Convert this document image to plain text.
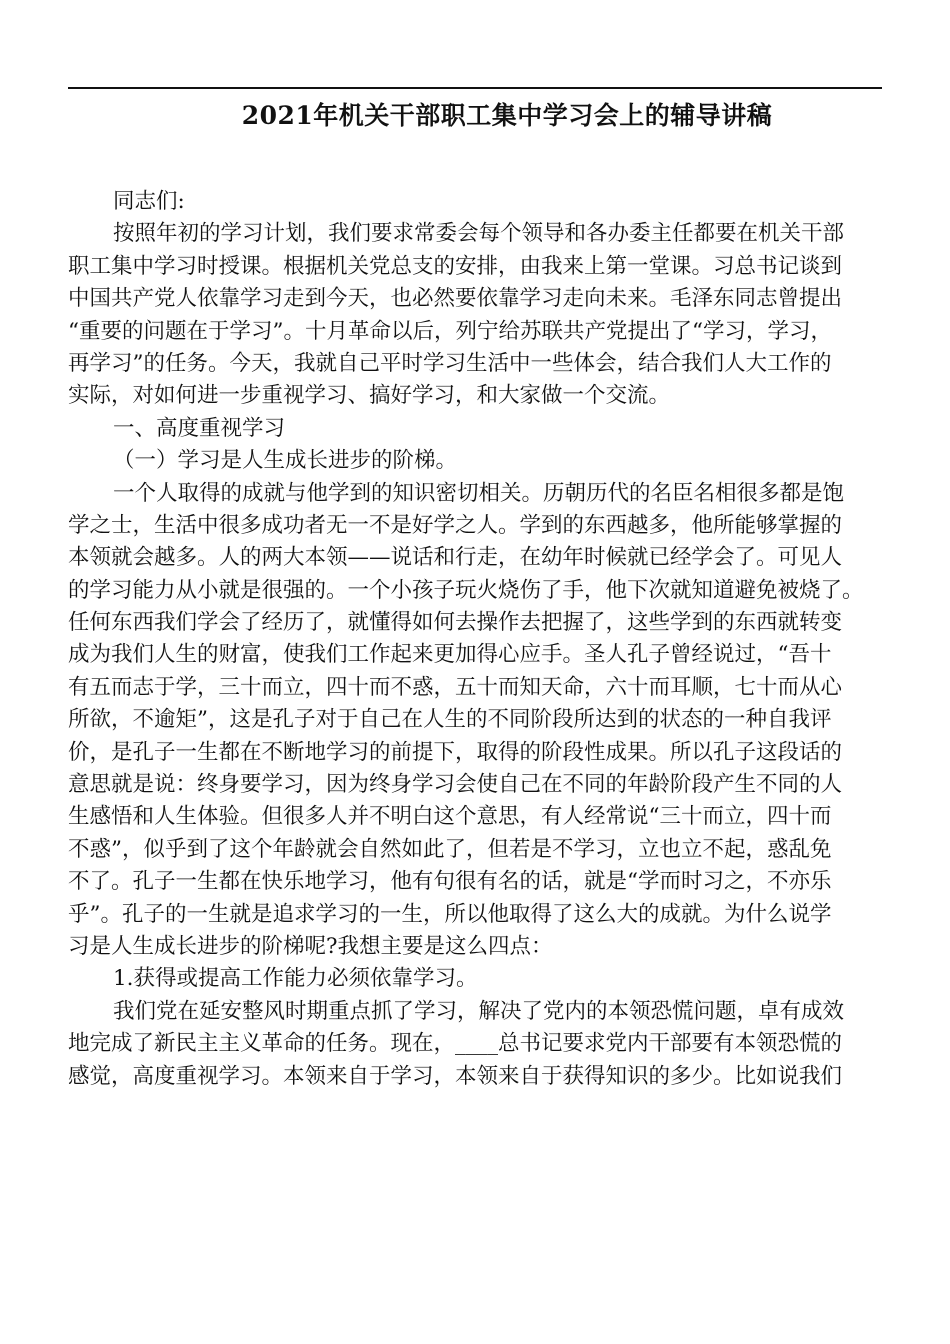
2021年机关干部职工集中学习会上的辅导讲稿
同志们:
按照年初的学习计划，我们要求常委会每个领导和各办委主任都要在机关干部
职工集中学习时授课。根据机关党总支的安排，由我来上第一堂课。习总书记谈到
中国共产党人依靠学习走到今天，也必然要依靠学习走向未来。毛泽东同志曾提出
“重要的问题在于学习”。十月革命以后，列宁给苏联共产党提出了“学习，学习，
再学习”的任务。今天，我就自己平时学习生活中一些体会，结合我们人大工作的
实际，对如何进一步重视学习、搞好学习，和大家做一个交流。
一、高度重视学习
（一）学习是人生成长进步的阶梯。
一个人取得的成就与他学到的知识密切相关。历朝历代的名臣名相很多都是饱
学之士，生活中很多成功者无一不是好学之人。学到的东西越多，他所能够掌握的
本领就会越多。人的两大本领——说话和行走，在幼年时候就已经学会了。可见人
的学习能力从小就是很强的。一个小孩子玩火烧伤了手，他下次就知道避免被烧了。
任何东西我们学会了经历了，就懂得如何去操作去把握了，这些学到的东西就转变
成为我们人生的财富，使我们工作起来更加得心应手。圣人孔子曾经说过，“吾十
有五而志于学，三十而立，四十而不惑，五十而知天命，六十而耳顺，七十而从心
所欲，不逾矩”，这是孔子对于自己在人生的不同阶段所达到的状态的一种自我评
价，是孔子一生都在不断地学习的前提下，取得的阶段性成果。所以孔子这段话的
意思就是说：终身要学习，因为终身学习会使自己在不同的年龄阶段产生不同的人
生感悟和人生体验。但很多人并不明白这个意思，有人经常说“三十而立，四十而
不惑”，似乎到了这个年龄就会自然如此了，但若是不学习，立也立不起，惑乱免
不了。孔子一生都在快乐地学习，他有句很有名的话，就是“学而时习之，不亦乐
乎”。孔子的一生就是追求学习的一生，所以他取得了这么大的成就。为什么说学
习是人生成长进步的阶梯呢?我想主要是这么四点：
1.获得或提高工作能力必须依靠学习。
我们党在延安整风时期重点抓了学习，解决了党内的本领恐慌问题，卓有成效
地完成了新民主主义革命的任务。现在，____总书记要求党内干部要有本领恐慌的
感觉，高度重视学习。本领来自于学习，本领来自于获得知识的多少。比如说我们
